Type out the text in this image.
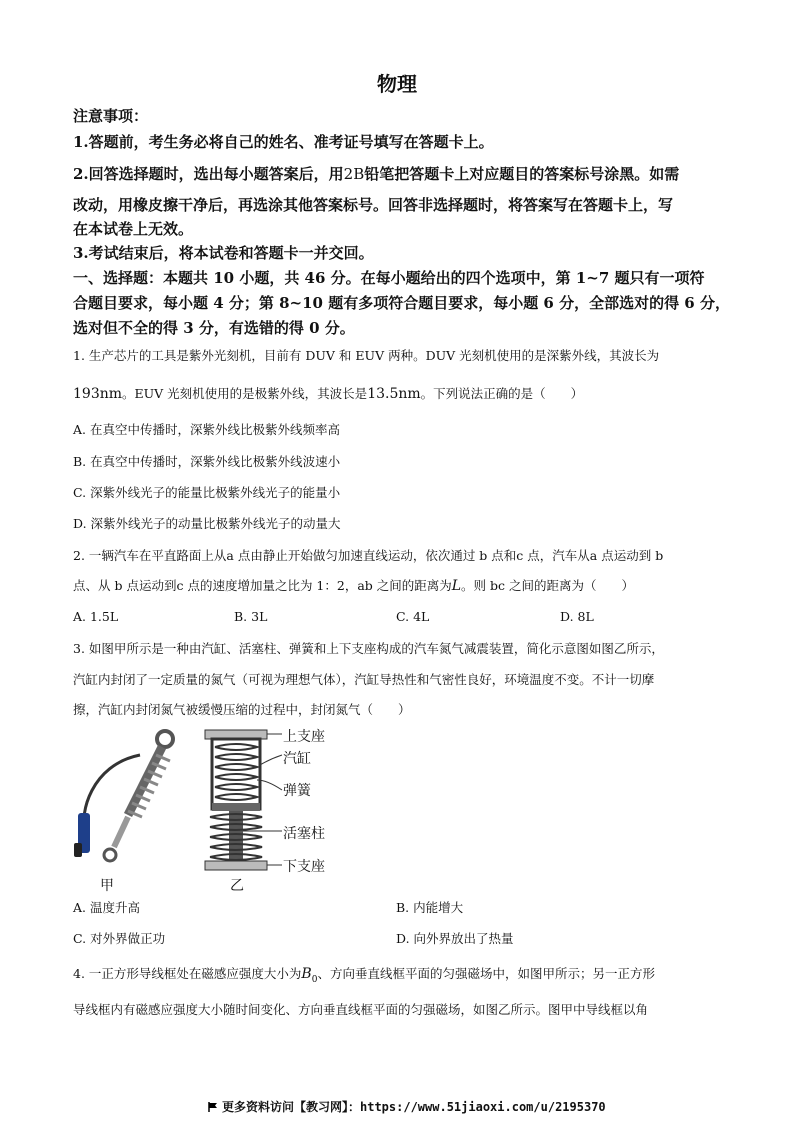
物理
注意事项：
1.答题前，考生务必将自己的姓名、准考证号填写在答题卡上。
2.回答选择题时，选出每小题答案后，用2B铅笔把答题卡上对应题目的答案标号涂黑。如需
改动，用橡皮擦干净后，再选涂其他答案标号。回答非选择题时，将答案写在答题卡上，写
在本试卷上无效。
3.考试结束后，将本试卷和答题卡一并交回。
一、选择题：本题共 10 小题，共 46 分。在每小题给出的四个选项中，第 1~7 题只有一项符
合题目要求，每小题 4 分；第 8~10 题有多项符合题目要求，每小题 6 分，全部选对的得 6 分，
选对但不全的得 3 分，有选错的得 0 分。
1. 生产芯片的工具是紫外光刻机，目前有 DUV 和 EUV 两种。DUV 光刻机使用的是深紫外线，其波长为
193nm。EUV 光刻机使用的是极紫外线，其波长是13.5nm。下列说法正确的是（　　）
A. 在真空中传播时，深紫外线比极紫外线频率高
B. 在真空中传播时，深紫外线比极紫外线波速小
C. 深紫外线光子的能量比极紫外线光子的能量小
D. 深紫外线光子的动量比极紫外线光子的动量大
2. 一辆汽车在平直路面上从a 点由静止开始做匀加速直线运动，依次通过 b 点和c 点，汽车从a 点运动到 b
点、从 b 点运动到c 点的速度增加量之比为 1：2，ab 之间的距离为L。则 bc 之间的距离为（　　）
A. 1.5L	B. 3L	C. 4L	D. 8L
3. 如图甲所示是一种由汽缸、活塞柱、弹簧和上下支座构成的汽车氮气减震装置，简化示意图如图乙所示，
汽缸内封闭了一定质量的氮气（可视为理想气体），汽缸导热性和气密性良好，环境温度不变。不计一切摩
擦，汽缸内封闭氮气被缓慢压缩的过程中，封闭氮气（　　）
甲	乙
上支座
汽缸
弹簧
活塞柱
下支座
A. 温度升高	B. 内能增大
C. 对外界做正功	D. 向外界放出了热量
4. 一正方形导线框处在磁感应强度大小为$B_0$、方向垂直线框平面的匀强磁场中，如图甲所示；另一正方形
导线框内有磁感应强度大小随时间变化、方向垂直线框平面的匀强磁场，如图乙所示。图甲中导线框以角
更多资料访问【教习网】：https://www.51jiaoxi.com/u/2195370
